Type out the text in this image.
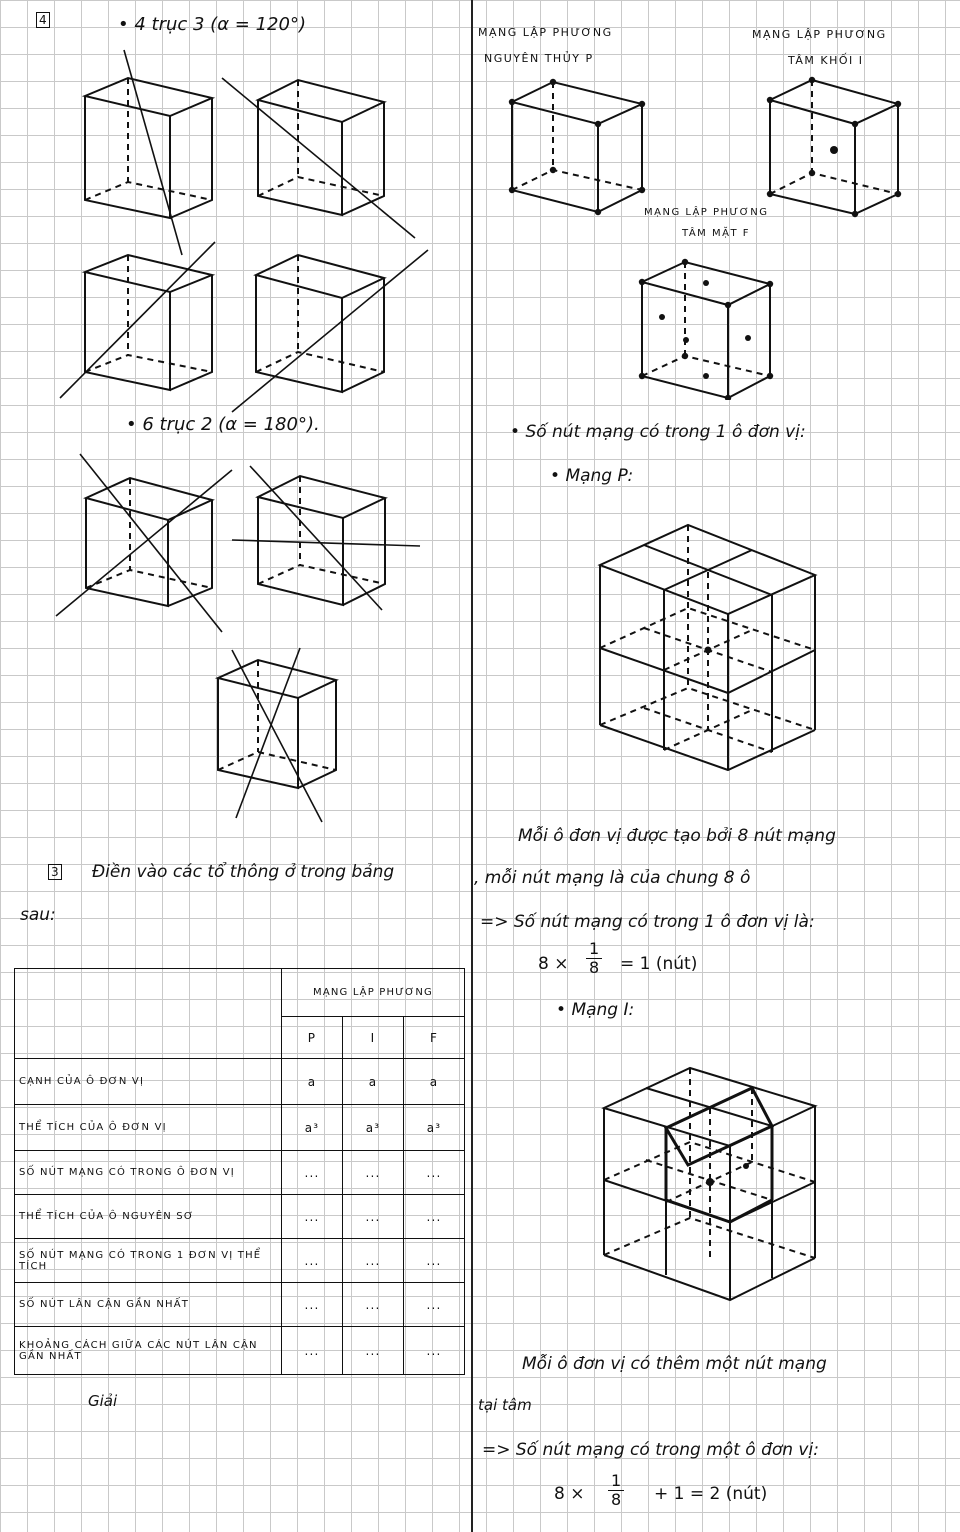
4	• 4 trục 3 (α = 120°)
• 6 trục 2 (α = 180°).
3 Điền vào các tổ thông ở trong bảng
sau:
	MẠNG LẬP PHƯƠNG		
	P	I	F
CẠNH CỦA Ô ĐƠN VỊ	a	a	a
THỂ TÍCH CỦA Ô ĐƠN VỊ	a³	a³	a³
SỐ NÚT MẠNG CÓ TRONG Ô ĐƠN VỊ	...	...	...
THỂ TÍCH CỦA Ô NGUYÊN SƠ	...	...	...
SỐ NÚT MẠNG CÓ TRONG 1 ĐƠN VỊ THỂ TÍCH	...	...	...
SỐ NÚT LÂN CẬN GẦN NHẤT	...	...	...
KHOẢNG CÁCH GIỮA CÁC NÚT LÂN CẬN GẦN NHẤT	...	...	...
Giải
MẠNG LẬP PHƯƠNG
NGUYÊN THỦY P
MẠNG LẬP PHƯƠNG
TÂM KHỐI I
MẠNG LẬP PHƯƠNG
TÂM MẶT F
• Số nút mạng có trong 1 ô đơn vị:
• Mạng P:
Mỗi ô đơn vị được tạo bởi 8 nút mạng
, mỗi nút mạng là của chung 8 ô
=> Số nút mạng có trong 1 ô đơn vị là:
$8 \times \frac{1}{8} = 1$ (nút)
• Mạng I:
Mỗi ô đơn vị có thêm một nút mạng
tại tâm
=> Số nút mạng có trong một ô đơn vị:
$8 \times \frac{1}{8} + 1 = 2$ (nút)
